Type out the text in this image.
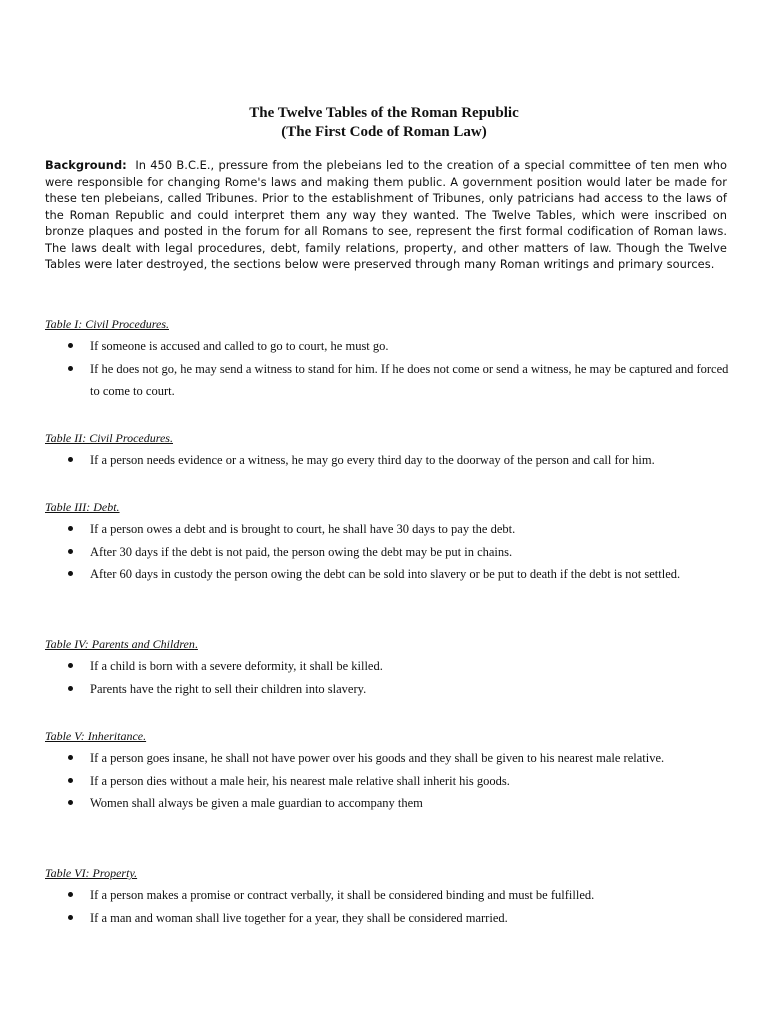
The Twelve Tables of the Roman Republic
(The First Code of Roman Law)

Background: In 450 B.C.E., pressure from the plebeians led to the creation of a special committee of ten men who were responsible for changing Rome's laws and making them public. A government position would later be made for these ten plebeians, called Tribunes. Prior to the establishment of Tribunes, only patricians had access to the laws of the Roman Republic and could interpret them any way they wanted. The Twelve Tables, which were inscribed on bronze plaques and posted in the forum for all Romans to see, represent the first formal codification of Roman laws. The laws dealt with legal procedures, debt, family relations, property, and other matters of law. Though the Twelve Tables were later destroyed, the sections below were preserved through many Roman writings and primary sources.

Table I: Civil Procedures.

If someone is accused and called to go to court, he must go.
If he does not go, he may send a witness to stand for him. If he does not come or send a witness, he may be captured and forced to come to court.

Table II: Civil Procedures.

If a person needs evidence or a witness, he may go every third day to the doorway of the person and call for him.

Table III: Debt.

If a person owes a debt and is brought to court, he shall have 30 days to pay the debt.
After 30 days if the debt is not paid, the person owing the debt may be put in chains.
After 60 days in custody the person owing the debt can be sold into slavery or be put to death if the debt is not settled.

Table IV: Parents and Children.

If a child is born with a severe deformity, it shall be killed.
Parents have the right to sell their children into slavery.

Table V: Inheritance.

If a person goes insane, he shall not have power over his goods and they shall be given to his nearest male relative.
If a person dies without a male heir, his nearest male relative shall inherit his goods.
Women shall always be given a male guardian to accompany them

Table VI: Property.

If a person makes a promise or contract verbally, it shall be considered binding and must be fulfilled.
If a man and woman shall live together for a year, they shall be considered married.
